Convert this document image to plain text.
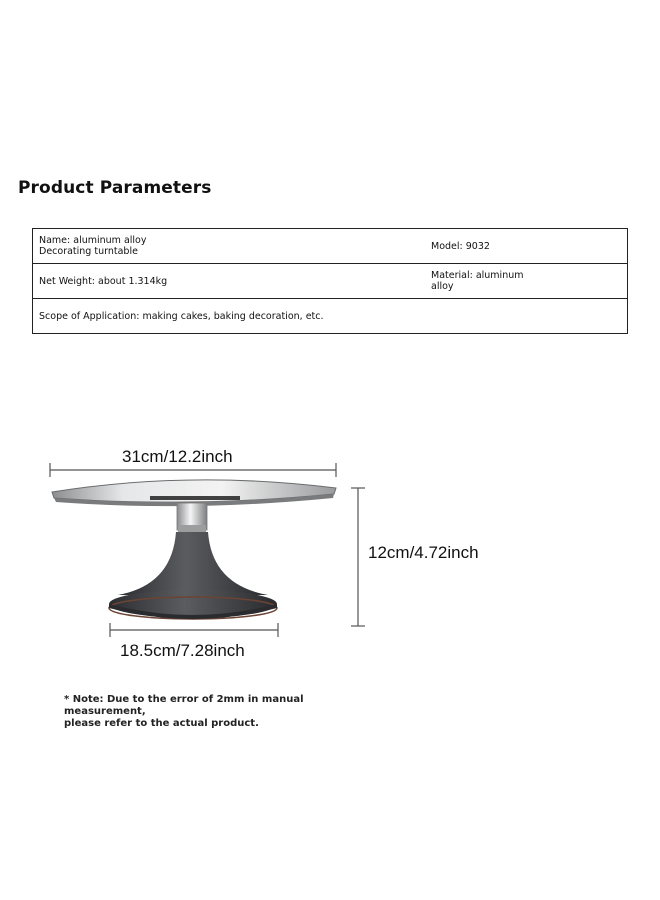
Product Parameters
Name: aluminum alloy
Decorating turntable	Model: 9032

Net Weight: about 1.314kg	Material: aluminum
alloy

Scope of Application: making cakes, baking decoration, etc.	
31cm/12.2inch
12cm/4.72inch
18.5cm/7.28inch
* Note: Due to the error of 2mm in manual measurement,
please refer to the actual product.
